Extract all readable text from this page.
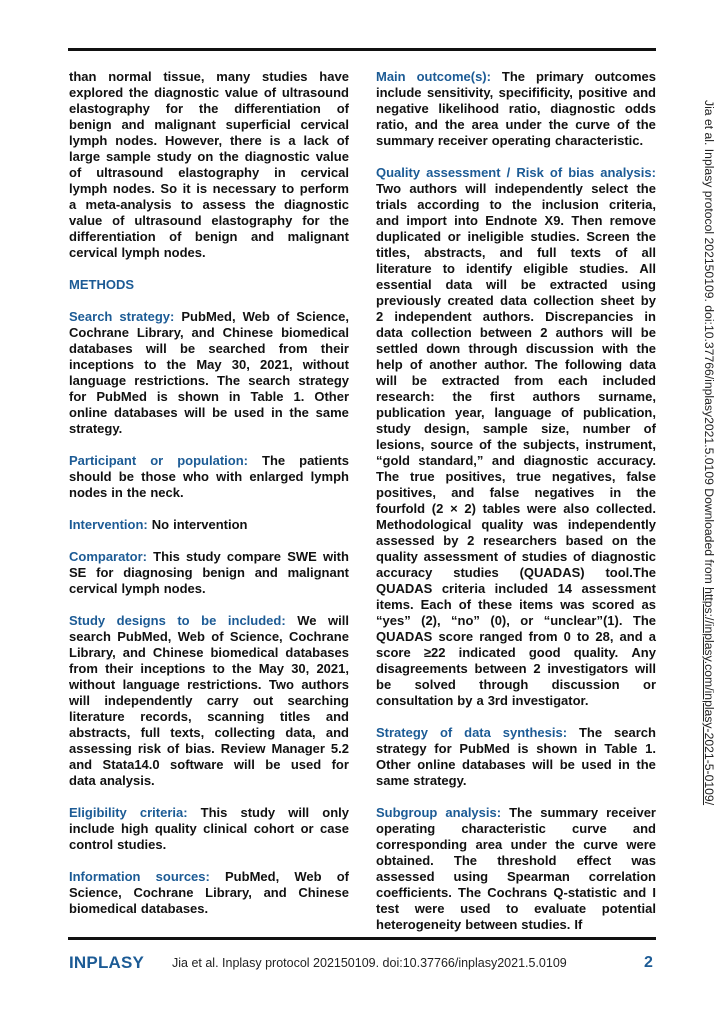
than normal tissue, many studies have
explored the diagnostic value of ultrasound
elastography for the differentiation of
benign and malignant superficial cervical
lymph nodes. However, there is a lack of
large sample study on the diagnostic value
of ultrasound elastography in cervical
lymph nodes. So it is necessary to perform
a meta-analysis to assess the diagnostic
value of ultrasound elastography for the
differentiation of benign and malignant
cervical lymph nodes.
METHODS
Search strategy: PubMed, Web of Science,
Cochrane Library, and Chinese biomedical
databases will be searched from their
inceptions to the May 30, 2021, without
language restrictions. The search strategy
for PubMed is shown in Table 1. Other
online databases will be used in the same
strategy.
Participant or population: The patients
should be those who with enlarged lymph
nodes in the neck.
Intervention: No intervention
Comparator: This study compare SWE with
SE for diagnosing benign and malignant
cervical lymph nodes.
Study designs to be included: We will
search PubMed, Web of Science, Cochrane
Library, and Chinese biomedical databases
from their inceptions to the May 30, 2021,
without language restrictions. Two authors
will independently carry out searching
literature records, scanning titles and
abstracts, full texts, collecting data, and
assessing risk of bias. Review Manager 5.2
and Stata14.0 software will be used for
data analysis.
Eligibility criteria: This study will only
include high quality clinical cohort or case
control studies.
Information sources: PubMed, Web of
Science, Cochrane Library, and Chinese
biomedical databases.
Main outcome(s): The primary outcomes
include sensitivity, specifificity, positive and
negative likelihood ratio, diagnostic odds
ratio, and the area under the curve of the
summary receiver operating characteristic.
Quality assessment / Risk of bias analysis:
Two authors will independently select the
trials according to the inclusion criteria,
and import into Endnote X9. Then remove
duplicated or ineligible studies. Screen the
titles, abstracts, and full texts of all
literature to identify eligible studies. All
essential data will be extracted using
previously created data collection sheet by
2 independent authors. Discrepancies in
data collection between 2 authors will be
settled down through discussion with the
help of another author. The following data
will be extracted from each included
research: the first authors surname,
publication year, language of publication,
study design, sample size, number of
lesions, source of the subjects, instrument,
“gold standard,” and diagnostic accuracy.
The true positives, true negatives, false
positives, and false negatives in the
fourfold (2 × 2) tables were also collected.
Methodological quality was independently
assessed by 2 researchers based on the
quality assessment of studies of diagnostic
accuracy studies (QUADAS) tool.The
QUADAS criteria included 14 assessment
items. Each of these items was scored as
“yes” (2), “no” (0), or “unclear”(1). The
QUADAS score ranged from 0 to 28, and a
score ≥22 indicated good quality. Any
disagreements between 2 investigators will
be solved through discussion or
consultation by a 3rd investigator.
Strategy of data synthesis: The search
strategy for PubMed is shown in Table 1.
Other online databases will be used in the
same strategy.
Subgroup analysis: The summary receiver
operating characteristic curve and
corresponding area under the curve were
obtained. The threshold effect was
assessed using Spearman correlation
coefficients. The Cochrans Q-statistic and I
test were used to evaluate potential
heterogeneity between studies. If
Jia et al. Inplasy protocol 202150109. doi:10.37766/inplasy2021.5.0109 Downloaded from https://inplasy.com/inplasy-2021-5-0109/
INPLASY Jia et al. Inplasy protocol 202150109. doi:10.37766/inplasy2021.5.0109	2
